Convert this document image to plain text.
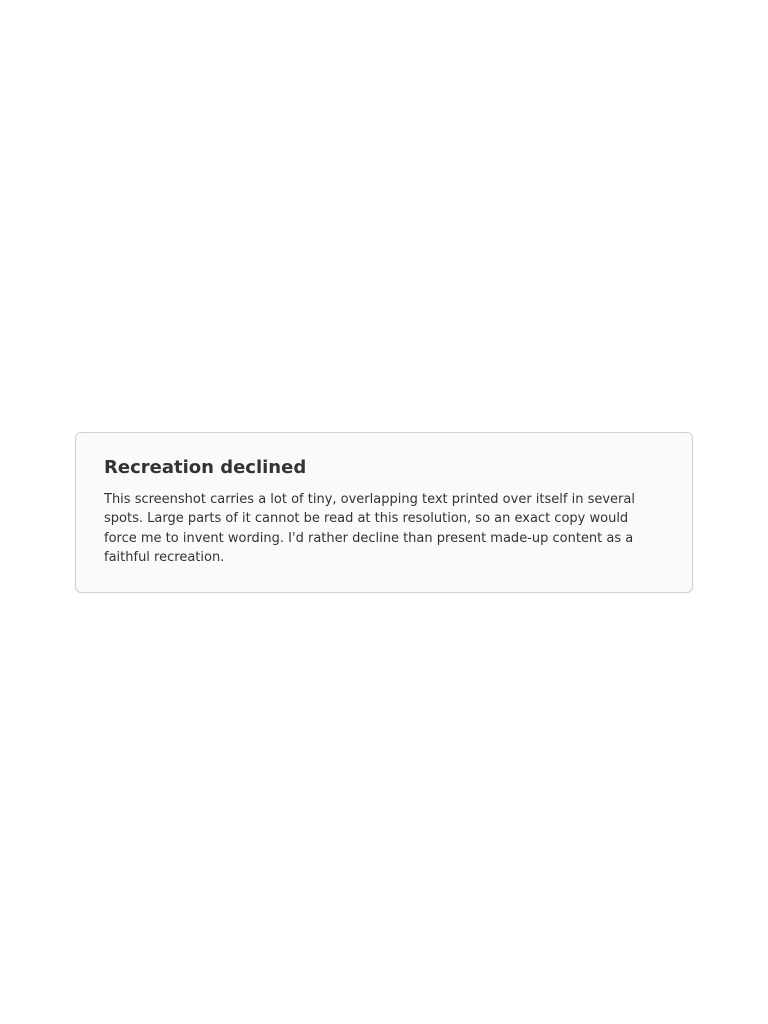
Recreation declined

This screenshot carries a lot of tiny, overlapping text printed over itself in several spots. Large parts of it cannot be read at this resolution, so an exact copy would force me to invent wording. I'd rather decline than present made-up content as a faithful recreation.
